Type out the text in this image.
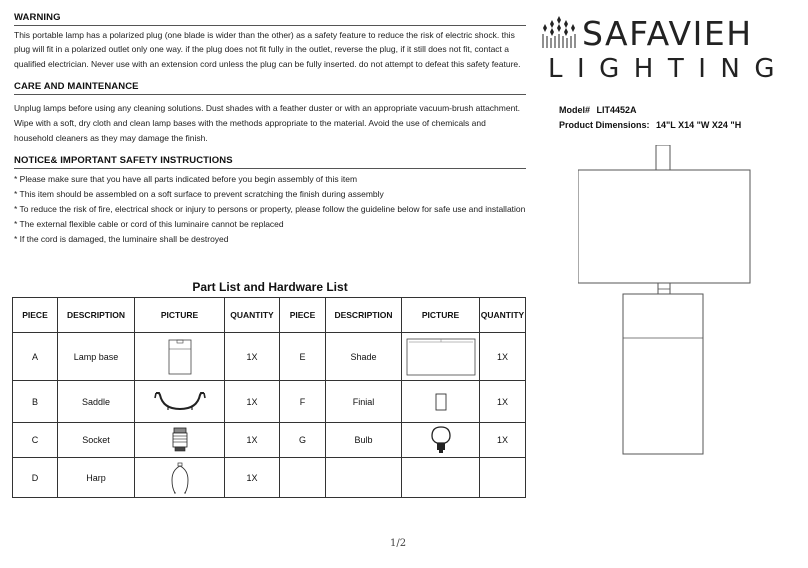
WARNING
This portable lamp has a polarized plug (one blade is wider than the other) as a safety feature to reduce the risk of electric shock. this plug will fit in a polarized outlet only one way. if the plug does not fit fully in the outlet, reverse the plug, if it still does not fit, contact a qualified electrician. Never use with an extension cord unless the plug can be fully inserted. do not attempt to defeat this safety feature.
CARE AND MAINTENANCE
Unplug lamps before using any cleaning solutions. Dust shades with a feather duster or with an appropriate vacuum-brush attachment. Wipe with a soft, dry cloth and clean lamp bases with the methods appropriate to the material. Avoid the use of chemicals and household cleaners as they may damage the finish.
NOTICE& IMPORTANT SAFETY INSTRUCTIONS
* Please make sure that you have all parts indicated before you begin assembly of this item
* This item should be assembled on a soft surface to prevent scratching the finish during assembly
* To reduce the risk of fire, electrical shock or injury to persons or property, please follow the guideline below for safe use and installation
* The external flexible cable or cord of this luminaire cannot be replaced
* If the cord is damaged, the luminaire shall be destroyed
Part List and Hardware List
PIECE	DESCRIPTION	PICTURE	QUANTITY	PIECE	DESCRIPTION	PICTURE	QUANTITY
A	Lamp base		1X	E	Shade		1X
B	Saddle		1X	F	Finial		1X
C	Socket		1X	G	Bulb		1X
D	Harp		1X				
SAFAVIEH
LIGHTING
Model# LIT4452A
Product Dimensions: 14"L X14 "W X24 "H
1/2
